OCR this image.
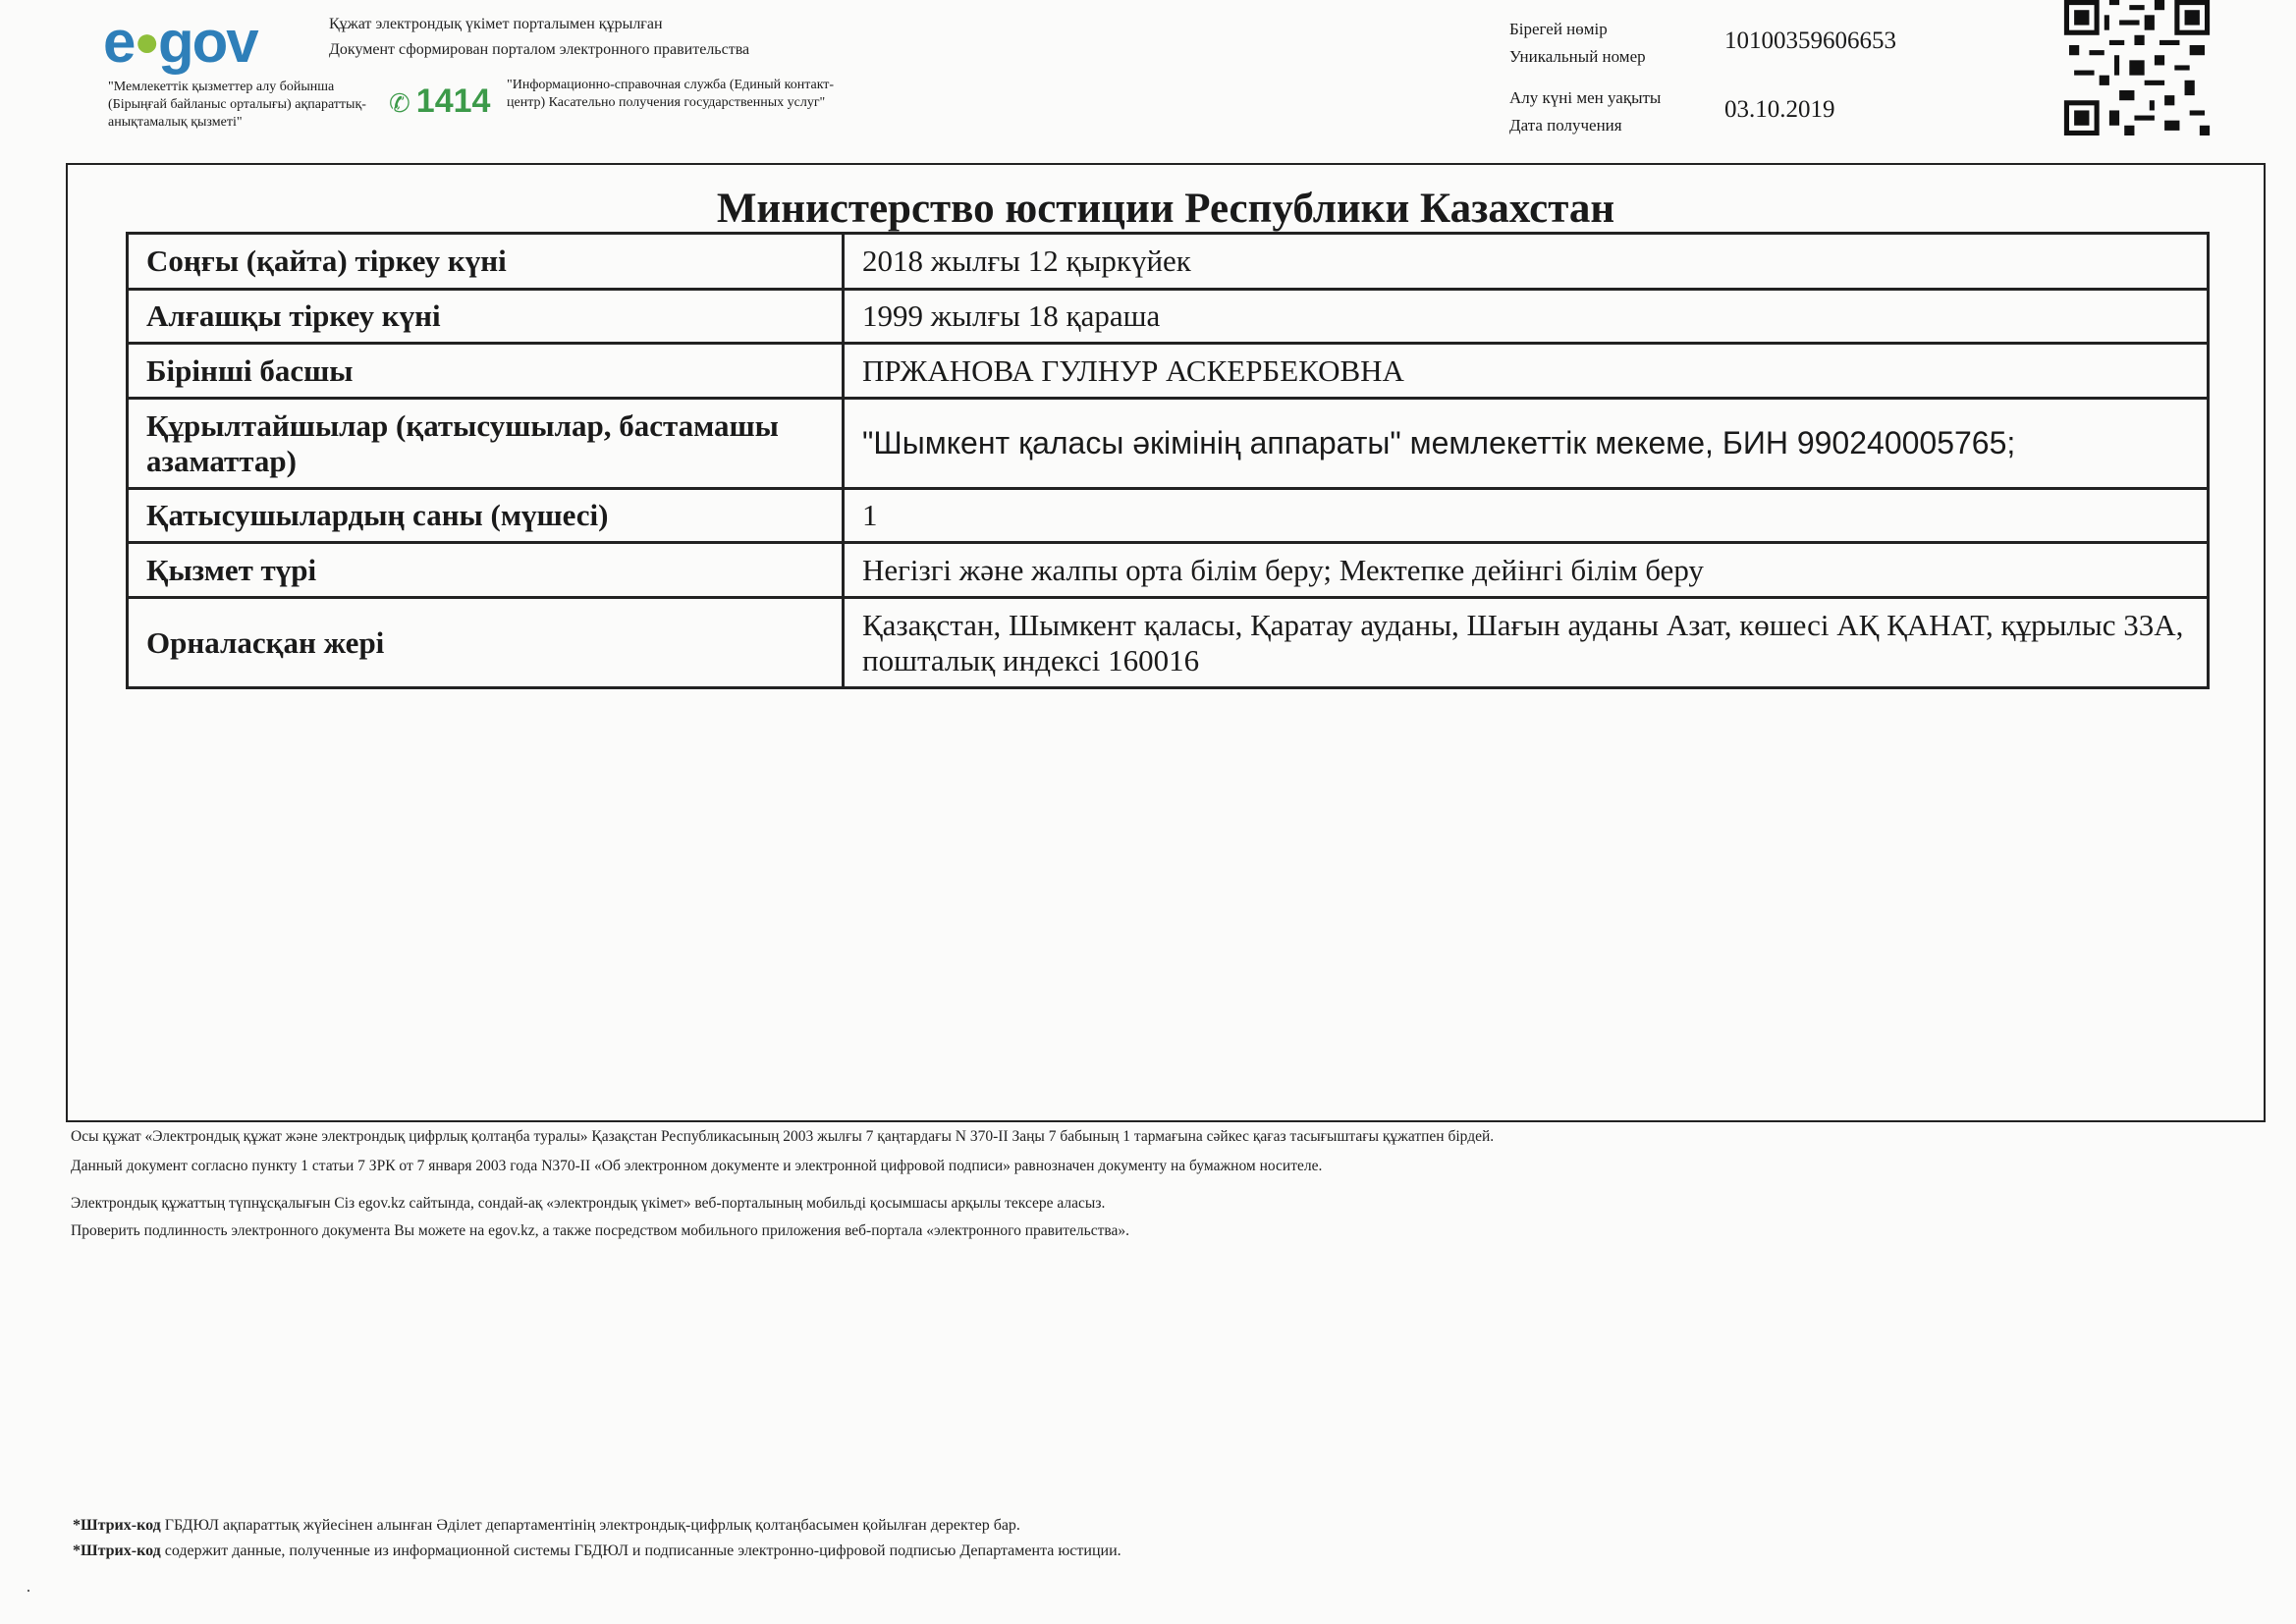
e●gov	Құжат электрондық үкімет порталымен құрылған
Документ сформирован порталом электронного правительства
"Мемлекеттік қызметтер алу бойынша (Бірыңғай байланыс орталығы) ақпараттық-анықтамалық қызметі"
✆ 1414 "Информационно-справочная служба (Единый контакт-центр) Касательно получения государственных услуг"
Бірегей нөмір
Уникальный номер
10100359606653
Алу күні мен уақыты
Дата получения
03.10.2019
Министерство юстиции Республики Казахстан
Соңғы (қайта) тіркеу күні	2018 жылғы 12 қыркүйек
Алғашқы тіркеу күні	1999 жылғы 18 қараша
Бірінші басшы	ПРЖАНОВА ГУЛНУР АСКЕРБЕКОВНА
Құрылтайшылар (қатысушылар, бастамашы азаматтар)	"Шымкент қаласы әкімінің аппараты" мемлекеттік мекеме, БИН 990240005765;
Қатысушылардың саны (мүшесі)	1
Қызмет түрі	Негізгі және жалпы орта білім беру; Мектепке дейінгі білім беру
Орналасқан жері	Қазақстан, Шымкент қаласы, Қаратау ауданы, Шағын ауданы Азат, көшесі АҚ ҚАНАТ, құрылыс 33А, пошталық индексі 160016
Осы құжат «Электрондық құжат және электрондық цифрлық қолтаңба туралы» Қазақстан Республикасының 2003 жылғы 7 қаңтардағы N 370-II Заңы 7 бабының 1 тармағына сәйкес қағаз тасығыштағы құжатпен бірдей.
Данный документ согласно пункту 1 статьи 7 ЗРК от 7 января 2003 года N370-II «Об электронном документе и электронной цифровой подписи» равнозначен документу на бумажном носителе.
Электрондық құжаттың түпнұсқалығын Сіз egov.kz сайтында, сондай-ақ «электрондық үкімет» веб-порталының мобильді қосымшасы арқылы тексере аласыз.
Проверить подлинность электронного документа Вы можете на egov.kz, а также посредством мобильного приложения веб-портала «электронного правительства».
*Штрих-код ГБДЮЛ ақпараттық жүйесінен алынған Әділет департаментінің электрондық-цифрлық қолтаңбасымен қойылған деректер бар.
*Штрих-код содержит данные, полученные из информационной системы ГБДЮЛ и подписанные электронно-цифровой подписью Департамента юстиции.
.
